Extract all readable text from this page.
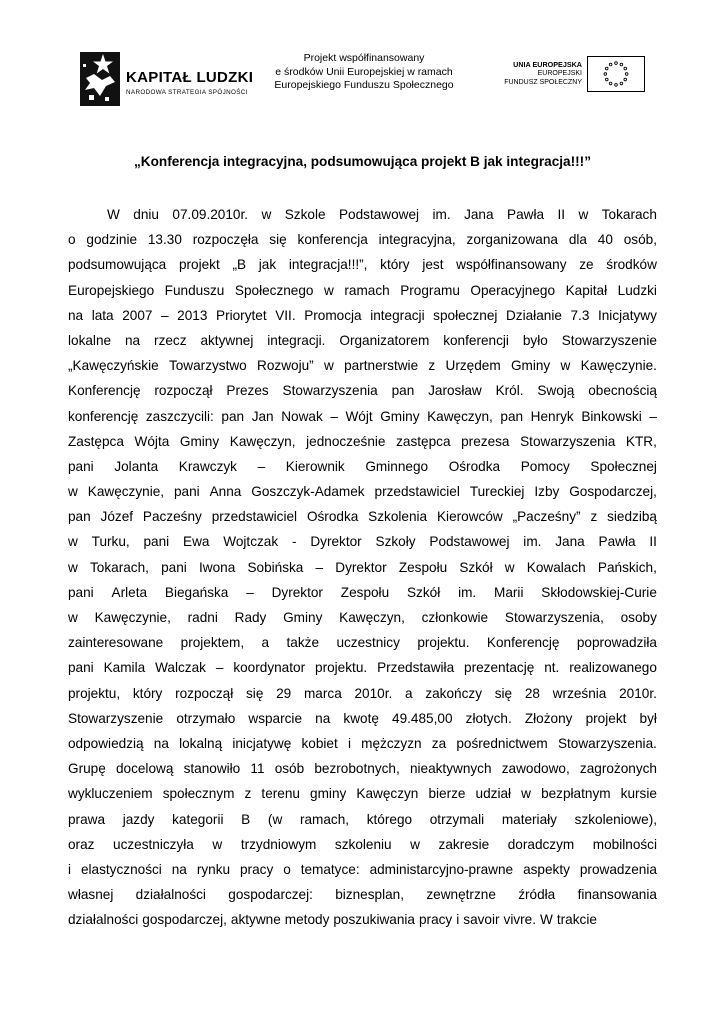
KAPITAŁ LUDZKI
NARODOWA STRATEGIA SPÓJNOŚCI
Projekt współfinansowany
e środków Unii Europejskiej w ramach
Europejskiego Funduszu Społecznego
UNIA EUROPEJSKA
EUROPEJSKI
FUNDUSZ SPOŁECZNY
„Konferencja integracyjna, podsumowująca projekt B jak integracja!!!”
W dniu 07.09.2010r. w Szkole Podstawowej im. Jana Pawła II w Tokarach
o godzinie 13.30 rozpoczęła się konferencja integracyjna, zorganizowana dla 40 osób,
podsumowująca projekt „B jak integracja!!!”, który jest współfinansowany ze środków
Europejskiego Funduszu Społecznego w ramach Programu Operacyjnego Kapitał Ludzki
na lata 2007 – 2013 Priorytet VII. Promocja integracji społecznej Działanie 7.3 Inicjatywy
lokalne na rzecz aktywnej integracji. Organizatorem konferencji było Stowarzyszenie
„Kawęczyńskie Towarzystwo Rozwoju” w partnerstwie z Urzędem Gminy w Kawęczynie.
Konferencję rozpoczął Prezes Stowarzyszenia pan Jarosław Król. Swoją obecnością
konferencję zaszczycili: pan Jan Nowak – Wójt Gminy Kawęczyn, pan Henryk Binkowski –
Zastępca Wójta Gminy Kawęczyn, jednocześnie zastępca prezesa Stowarzyszenia KTR,
pani Jolanta Krawczyk – Kierownik Gminnego Ośrodka Pomocy Społecznej
w Kawęczynie, pani Anna Goszczyk-Adamek przedstawiciel Tureckiej Izby Gospodarczej,
pan Józef Pacześny przedstawiciel Ośrodka Szkolenia Kierowców „Pacześny” z siedzibą
w Turku, pani Ewa Wojtczak - Dyrektor Szkoły Podstawowej im. Jana Pawła II
w Tokarach, pani Iwona Sobińska – Dyrektor Zespołu Szkół w Kowalach Pańskich,
pani Arleta Biegańska – Dyrektor Zespołu Szkół im. Marii Skłodowskiej-Curie
w Kawęczynie, radni Rady Gminy Kawęczyn, członkowie Stowarzyszenia, osoby
zainteresowane projektem, a także uczestnicy projektu. Konferencję poprowadziła
pani Kamila Walczak – koordynator projektu. Przedstawiła prezentację nt. realizowanego
projektu, który rozpoczął się 29 marca 2010r. a zakończy się 28 września 2010r.
Stowarzyszenie otrzymało wsparcie na kwotę 49.485,00 złotych. Złożony projekt był
odpowiedzią na lokalną inicjatywę kobiet i mężczyzn za pośrednictwem Stowarzyszenia.
Grupę docelową stanowiło 11 osób bezrobotnych, nieaktywnych zawodowo, zagrożonych
wykluczeniem społecznym z terenu gminy Kawęczyn bierze udział w bezpłatnym kursie
prawa jazdy kategorii B (w ramach, którego otrzymali materiały szkoleniowe),
oraz uczestniczyła w trzydniowym szkoleniu w zakresie doradczym mobilności
i elastyczności na rynku pracy o tematyce: administarcyjno-prawne aspekty prowadzenia
własnej działalności gospodarczej: biznesplan, zewnętrzne źródła finansowania
działalności gospodarczej, aktywne metody poszukiwania pracy i savoir vivre. W trakcie
